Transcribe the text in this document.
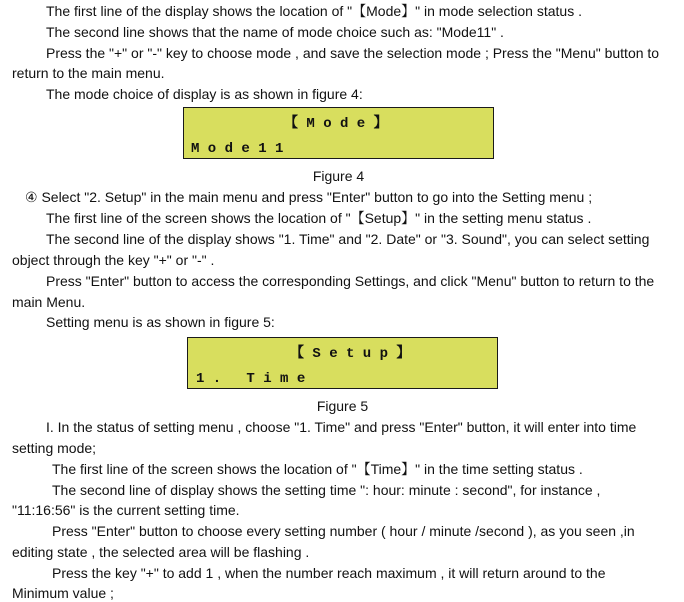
The first line of the display shows the location of "【Mode】" in mode selection status .
The second line shows that the name of mode choice such as: "Mode11" .
Press the "+" or "-" key to choose mode , and save the selection mode ; Press the "Menu" button to
return to the main menu.
The mode choice of display is as shown in figure 4:
【 M o d e 】
M o d e 1 1
Figure 4
④ Select "2. Setup" in the main menu and press "Enter" button to go into the Setting menu ;
The first line of the screen shows the location of "【Setup】" in the setting menu status .
The second line of the display shows "1. Time" and "2. Date" or "3. Sound", you can select setting
object through the key "+" or "-" .
Press "Enter" button to access the corresponding Settings, and click "Menu" button to return to the
main Menu.
Setting menu is as shown in figure 5:
【 S e t u p 】
1 .   T i m e
Figure 5
I. In the status of setting menu , choose "1. Time" and press "Enter" button, it will enter into time
setting mode;
The first line of the screen shows the location of "【Time】" in the time setting status .
The second line of display shows the setting time ": hour: minute : second", for instance ,
"11:16:56" is the current setting time.
Press "Enter" button to choose every setting number ( hour / minute /second ), as you seen ,in
editing state , the selected area will be flashing .
Press the key "+" to add 1 , when the number reach maximum , it will return around to the
Minimum value ;
